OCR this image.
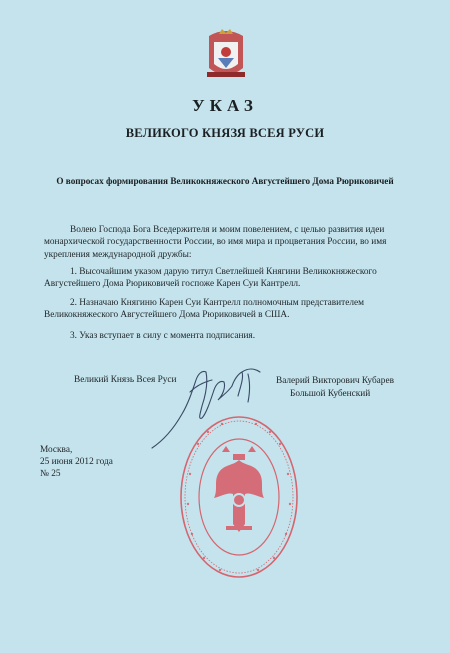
УКАЗ
ВЕЛИКОГО КНЯЗЯ ВСЕЯ РУСИ
О вопросах формирования Великокняжеского Августейшего Дома Рюриковичей

Волею Господа Бога Вседержителя и моим повелением, с целью развития идеи монархической государственности России, во имя мира и процветания России, во имя укрепления международной дружбы:

1. Высочайшим указом дарую титул Светлейшей Княгини Великокняжеского Августейшего Дома Рюриковичей госпоже Карен Суи Кантрелл.

2. Назначаю Княгиню Карен Суи Кантрелл полномочным представителем Великокняжеского Августейшего Дома Рюриковичей в США.

3. Указ вступает в силу с момента подписания.

Великий Князь Всея Руси	Валерий Викторович Кубарев
Большой Кубенский
Москва,
25 июня 2012 года
№ 25
